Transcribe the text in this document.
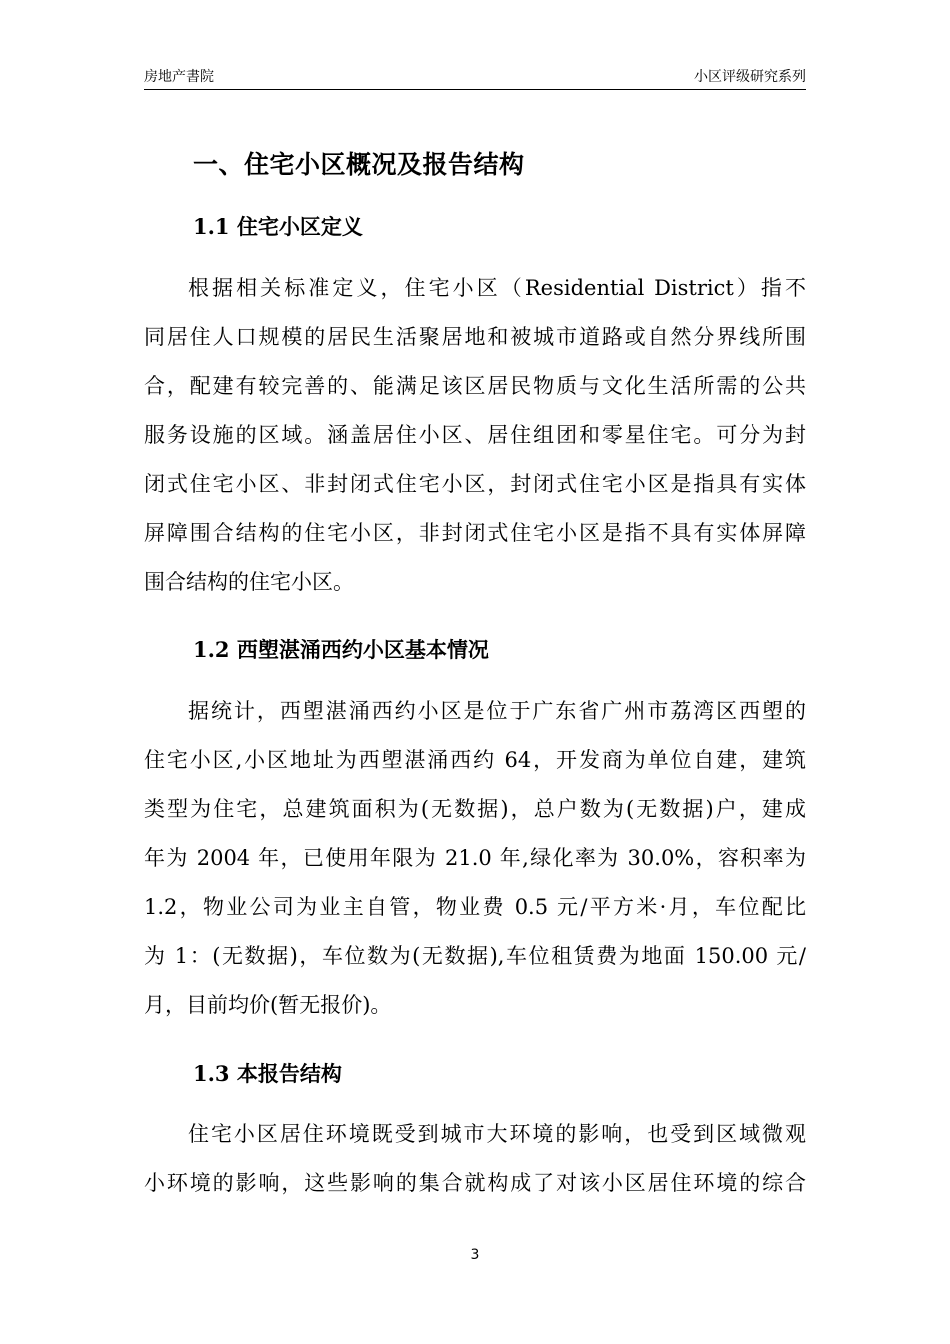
房地产書院	小区评级研究系列
一、住宅小区概况及报告结构
1.1 住宅小区定义
根据相关标准定义，住宅小区（Residential District）指不
同居住人口规模的居民生活聚居地和被城市道路或自然分界线所围
合，配建有较完善的、能满足该区居民物质与文化生活所需的公共
服务设施的区域。涵盖居住小区、居住组团和零星住宅。可分为封
闭式住宅小区、非封闭式住宅小区，封闭式住宅小区是指具有实体
屏障围合结构的住宅小区，非封闭式住宅小区是指不具有实体屏障
围合结构的住宅小区。
1.2 西塱湛涌西约小区基本情况
据统计，西塱湛涌西约小区是位于广东省广州市荔湾区西塱的
住宅小区,小区地址为西塱湛涌西约 64，开发商为单位自建，建筑
类型为住宅，总建筑面积为(无数据)，总户数为(无数据)户，建成
年为 2004 年，已使用年限为 21.0 年,绿化率为 30.0%，容积率为
1.2，物业公司为业主自管，物业费 0.5 元/平方米·月，车位配比
为 1：(无数据)，车位数为(无数据),车位租赁费为地面 150.00 元/
月，目前均价(暂无报价)。
1.3 本报告结构
住宅小区居住环境既受到城市大环境的影响，也受到区域微观
小环境的影响，这些影响的集合就构成了对该小区居住环境的综合
3
